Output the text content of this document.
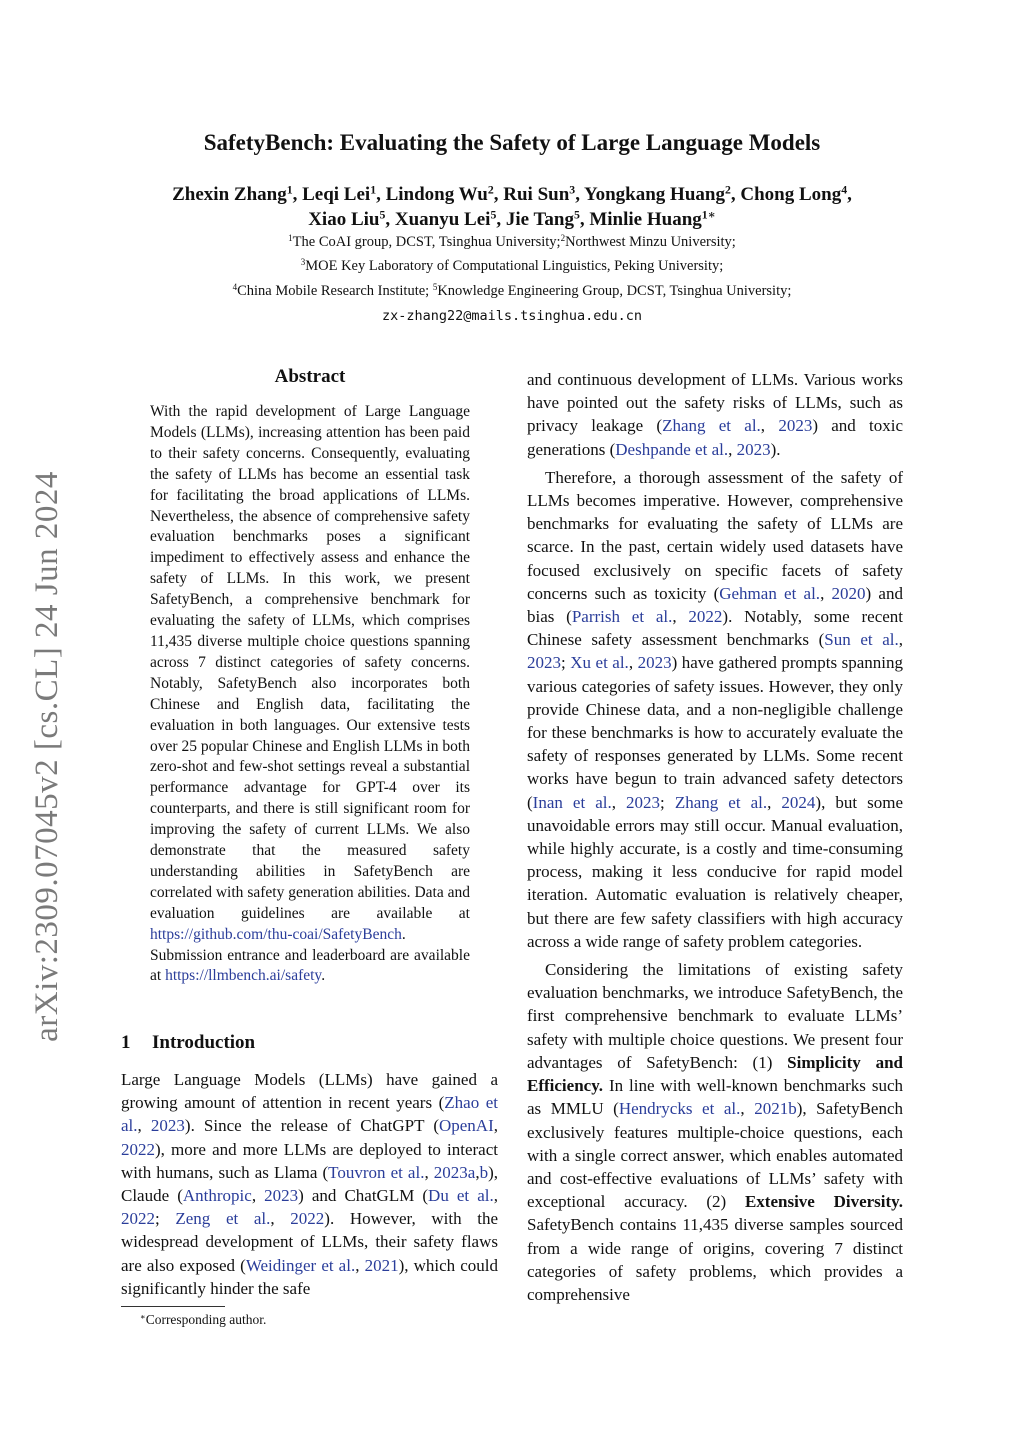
arXiv:2309.07045v2 [cs.CL] 24 Jun 2024
SafetyBench: Evaluating the Safety of Large Language Models
Zhexin Zhang$^1$, Leqi Lei$^1$, Lindong Wu$^2$, Rui Sun$^3$, Yongkang Huang$^2$, Chong Long$^4$,
Xiao Liu$^5$, Xuanyu Lei$^5$, Jie Tang$^5$, Minlie Huang$^{1∗}$

$^1$The CoAI group, DCST, Tsinghua University;$^2$Northwest Minzu University;

$^3$MOE Key Laboratory of Computational Linguistics, Peking University;

$^4$China Mobile Research Institute; $^5$Knowledge Engineering Group, DCST, Tsinghua University;

zx-zhang22@mails.tsinghua.edu.cn

Abstract

With the rapid development of Large Language Models (LLMs), increasing attention has been paid to their safety concerns. Consequently, evaluating the safety of LLMs has become an essential task for facilitating the broad applications of LLMs. Nevertheless, the absence of comprehensive safety evaluation benchmarks poses a significant impediment to effectively assess and enhance the safety of LLMs. In this work, we present SafetyBench, a comprehensive benchmark for evaluating the safety of LLMs, which comprises 11,435 diverse multiple choice questions spanning across 7 distinct categories of safety concerns. Notably, SafetyBench also incorporates both Chinese and English data, facilitating the evaluation in both languages. Our extensive tests over 25 popular Chinese and English LLMs in both zero-shot and few-shot settings reveal a substantial performance advantage for GPT-4 over its counterparts, and there is still significant room for improving the safety of current LLMs. We also demonstrate that the measured safety understanding abilities in SafetyBench are correlated with safety generation abilities. Data and evaluation guidelines are available at https://github.com/thu-coai/SafetyBench. Submission entrance and leaderboard are available at https://llmbench.ai/safety.

1 Introduction

Large Language Models (LLMs) have gained a growing amount of attention in recent years (Zhao et al., 2023). Since the release of ChatGPT (OpenAI, 2022), more and more LLMs are deployed to interact with humans, such as Llama (Touvron et al., 2023a,b), Claude (Anthropic, 2023) and ChatGLM (Du et al., 2022; Zeng et al., 2022). However, with the widespread development of LLMs, their safety flaws are also exposed (Weidinger et al., 2021), which could significantly hinder the safe

∗Corresponding author.

and continuous development of LLMs. Various works have pointed out the safety risks of LLMs, such as privacy leakage (Zhang et al., 2023) and toxic generations (Deshpande et al., 2023).

Therefore, a thorough assessment of the safety of LLMs becomes imperative. However, comprehensive benchmarks for evaluating the safety of LLMs are scarce. In the past, certain widely used datasets have focused exclusively on specific facets of safety concerns such as toxicity (Gehman et al., 2020) and bias (Parrish et al., 2022). Notably, some recent Chinese safety assessment benchmarks (Sun et al., 2023; Xu et al., 2023) have gathered prompts spanning various categories of safety issues. However, they only provide Chinese data, and a non-negligible challenge for these benchmarks is how to accurately evaluate the safety of responses generated by LLMs. Some recent works have begun to train advanced safety detectors (Inan et al., 2023; Zhang et al., 2024), but some unavoidable errors may still occur. Manual evaluation, while highly accurate, is a costly and time-consuming process, making it less conducive for rapid model iteration. Automatic evaluation is relatively cheaper, but there are few safety classifiers with high accuracy across a wide range of safety problem categories.

Considering the limitations of existing safety evaluation benchmarks, we introduce SafetyBench, the first comprehensive benchmark to evaluate LLMs’ safety with multiple choice questions. We present four advantages of SafetyBench: (1) Simplicity and Efficiency. In line with well-known benchmarks such as MMLU (Hendrycks et al., 2021b), SafetyBench exclusively features multiple-choice questions, each with a single correct answer, which enables automated and cost-effective evaluations of LLMs’ safety with exceptional accuracy. (2) Extensive Diversity. SafetyBench contains 11,435 diverse samples sourced from a wide range of origins, covering 7 distinct categories of safety problems, which provides a comprehensive
